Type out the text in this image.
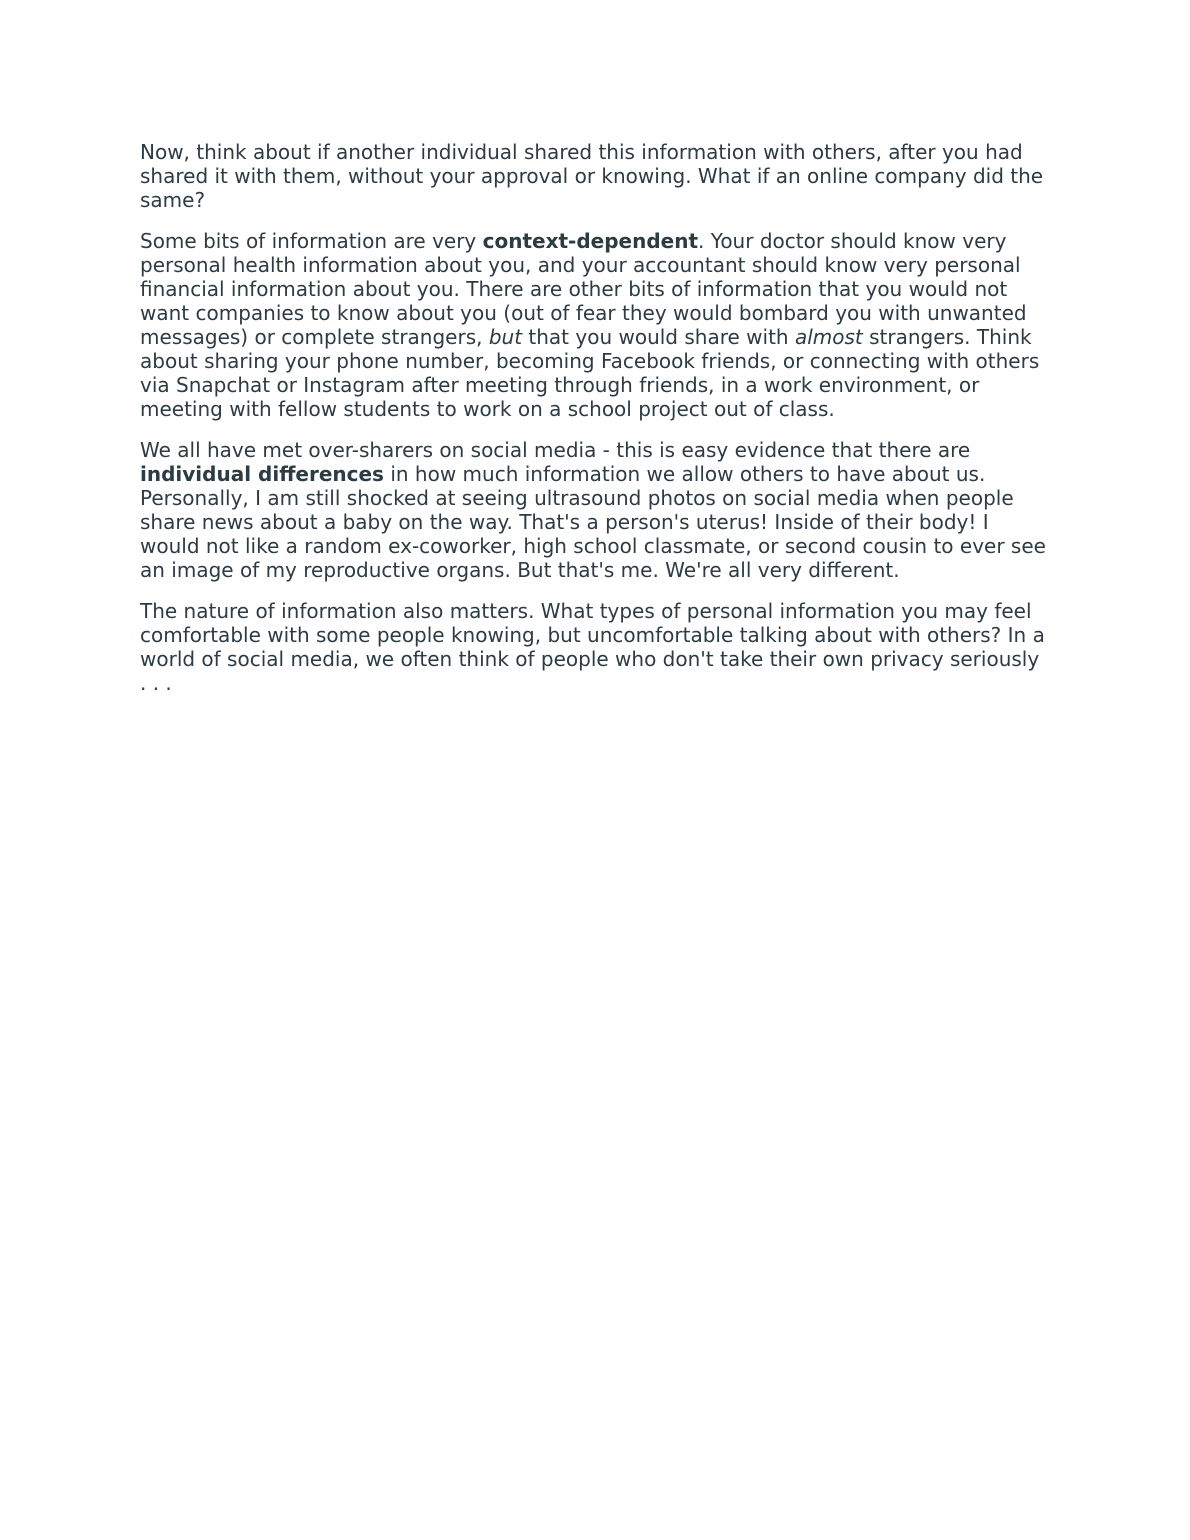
Now, think about if another individual shared this information with others, after you had shared it with them, without your approval or knowing. What if an online company did the same?

Some bits of information are very context-dependent. Your doctor should know very personal health information about you, and your accountant should know very personal financial information about you. There are other bits of information that you would not want companies to know about you (out of fear they would bombard you with unwanted messages) or complete strangers, but that you would share with almost strangers. Think about sharing your phone number, becoming Facebook friends, or connecting with others via Snapchat or Instagram after meeting through friends, in a work environment, or meeting with fellow students to work on a school project out of class.

We all have met over-sharers on social media - this is easy evidence that there are individual differences in how much information we allow others to have about us. Personally, I am still shocked at seeing ultrasound photos on social media when people share news about a baby on the way. That's a person's uterus! Inside of their body! I would not like a random ex-coworker, high school classmate, or second cousin to ever see an image of my reproductive organs. But that's me. We're all very different.

The nature of information also matters. What types of personal information you may feel comfortable with some people knowing, but uncomfortable talking about with others? In a world of social media, we often think of people who don't take their own privacy seriously . . .
